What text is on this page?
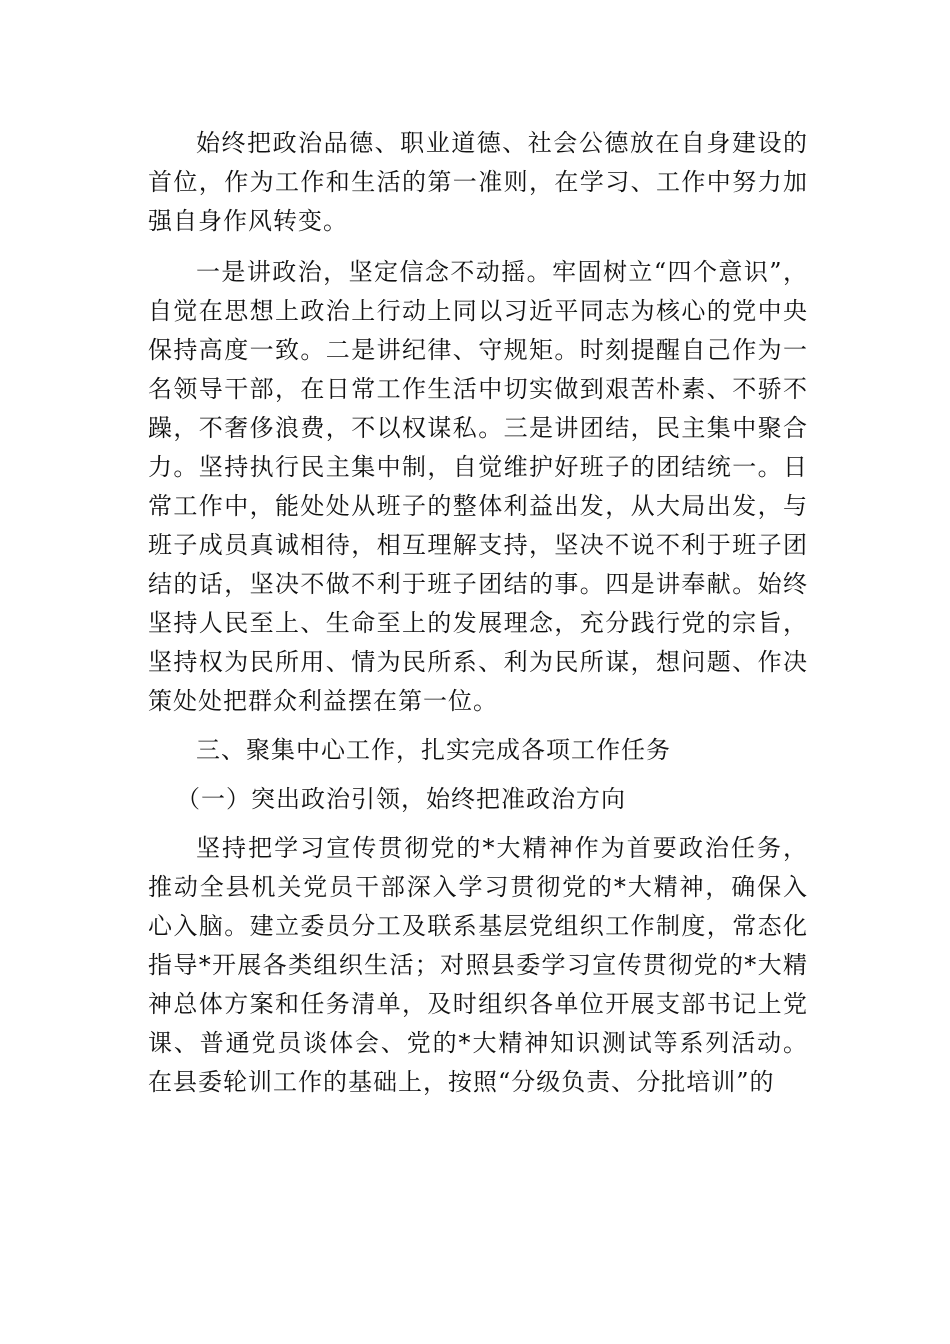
始终把政治品德、职业道德、社会公德放在自身建设的首位，作为工作和生活的第一准则，在学习、工作中努力加强自身作风转变。

一是讲政治，坚定信念不动摇。牢固树立“四个意识”，自觉在思想上政治上行动上同以习近平同志为核心的党中央保持高度一致。二是讲纪律、守规矩。时刻提醒自己作为一名领导干部，在日常工作生活中切实做到艰苦朴素、不骄不躁，不奢侈浪费，不以权谋私。三是讲团结，民主集中聚合力。坚持执行民主集中制，自觉维护好班子的团结统一。日常工作中，能处处从班子的整体利益出发，从大局出发，与班子成员真诚相待，相互理解支持，坚决不说不利于班子团结的话，坚决不做不利于班子团结的事。四是讲奉献。始终坚持人民至上、生命至上的发展理念，充分践行党的宗旨，坚持权为民所用、情为民所系、利为民所谋，想问题、作决策处处把群众利益摆在第一位。

三、聚集中心工作，扎实完成各项工作任务

（一）突出政治引领，始终把准政治方向

坚持把学习宣传贯彻党的*大精神作为首要政治任务，推动全县机关党员干部深入学习贯彻党的*大精神，确保入心入脑。建立委员分工及联系基层党组织工作制度，常态化指导*开展各类组织生活；对照县委学习宣传贯彻党的*大精神总体方案和任务清单，及时组织各单位开展支部书记上党课、普通党员谈体会、党的*大精神知识测试等系列活动。在县委轮训工作的基础上，按照“分级负责、分批培训”的
